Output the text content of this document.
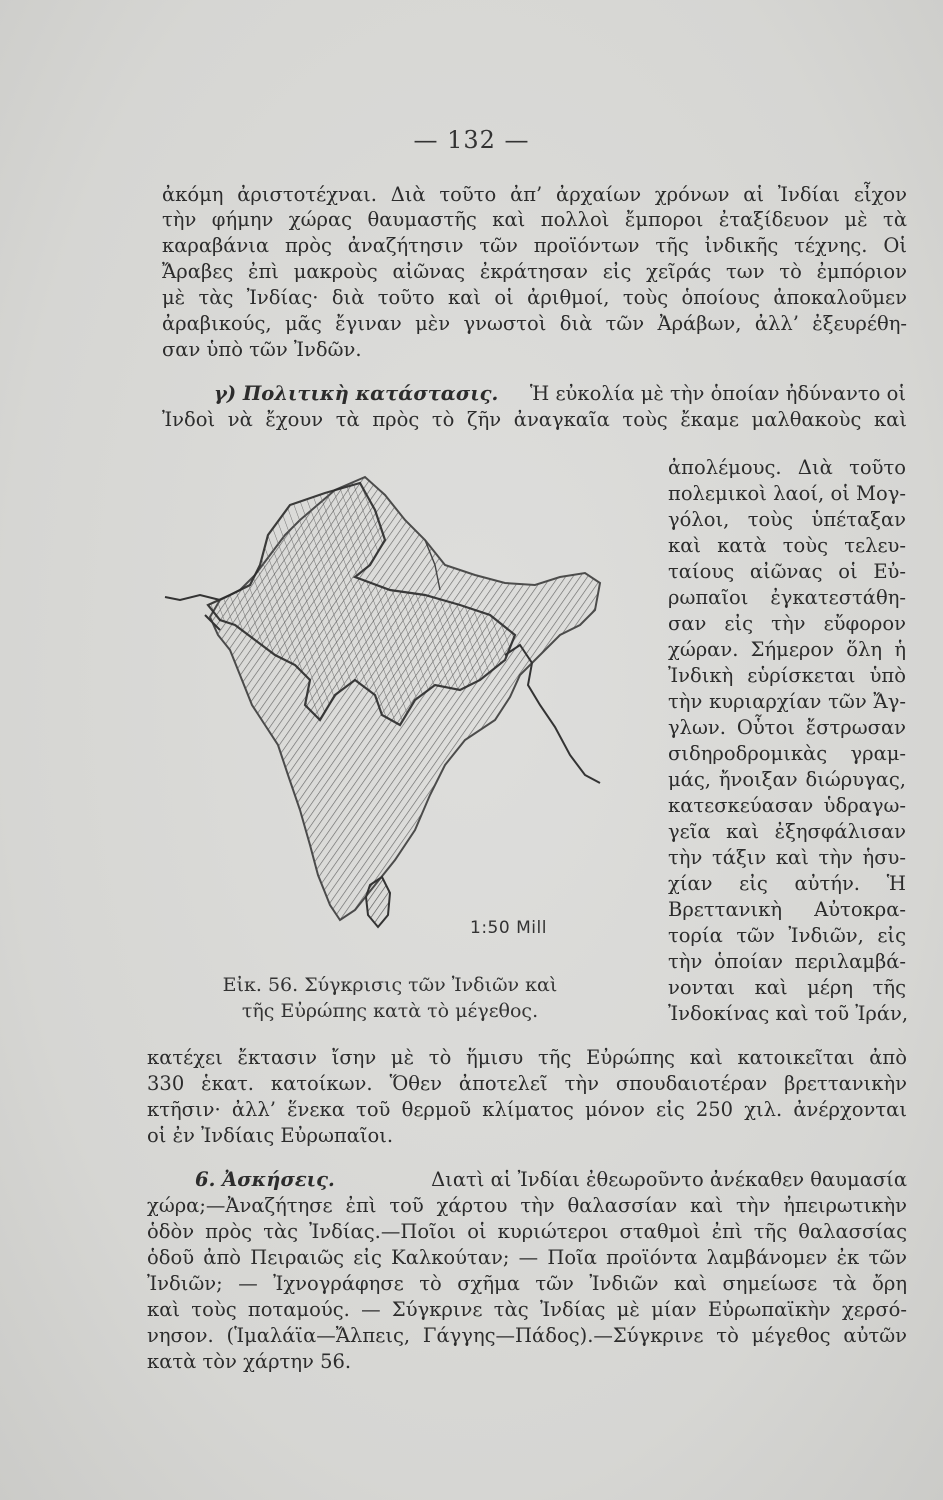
— 132 —
ἀκόμη ἀριστοτέχναι. Διὰ τοῦτο ἀπ’ ἀρχαίων χρόνων αἱ Ἰνδίαι εἶχον
τὴν φήμην χώρας θαυμαστῆς καὶ πολλοὶ ἔμποροι ἐταξίδευον μὲ τὰ
καραβάνια πρὸς ἀναζήτησιν τῶν προϊόντων τῆς ἰνδικῆς τέχνης. Οἱ
Ἄραβες ἐπὶ μακροὺς αἰῶνας ἐκράτησαν εἰς χεῖράς των τὸ ἐμπόριον
μὲ τὰς Ἰνδίας· διὰ τοῦτο καὶ οἱ ἀριθμοί, τοὺς ὁποίους ἀποκαλοῦμεν
ἀραβικούς, μᾶς ἔγιναν μὲν γνωστοὶ διὰ τῶν Ἀράβων, ἀλλ’ ἐξευρέθη-
σαν ὑπὸ τῶν Ἰνδῶν.
γ) Πολιτικὴ κατάστασις. Ἡ εὐκολία μὲ τὴν ὁποίαν ἠδύναντο οἱ
Ἰνδοὶ νὰ ἔχουν τὰ πρὸς τὸ ζῆν ἀναγκαῖα τοὺς ἔκαμε μαλθακοὺς καὶ
1:50 Mill
Εἰκ. 56. Σύγκρισις τῶν Ἰνδιῶν καὶ
τῆς Εὐρώπης κατὰ τὸ μέγεθος.
ἀπολέμους. Διὰ τοῦτο
πολεμικοὶ λαοί, οἱ Μογ-
γόλοι, τοὺς ὑπέταξαν
καὶ κατὰ τοὺς τελευ-
ταίους αἰῶνας οἱ Εὐ-
ρωπαῖοι ἐγκατεστάθη-
σαν εἰς τὴν εὔφορον
χώραν. Σήμερον ὅλη ἡ
Ἰνδικὴ εὑρίσκεται ὑπὸ
τὴν κυριαρχίαν τῶν Ἄγ-
γλων. Οὗτοι ἔστρωσαν
σιδηροδρομικὰς γραμ-
μάς, ἤνοιξαν διώρυγας,
κατεσκεύασαν ὑδραγω-
γεῖα καὶ ἐξησφάλισαν
τὴν τάξιν καὶ τὴν ἡσυ-
χίαν εἰς αὐτήν. Ἡ
Βρεττανικὴ Αὐτοκρα-
τορία τῶν Ἰνδιῶν, εἰς
τὴν ὁποίαν περιλαμβά-
νονται καὶ μέρη τῆς
Ἰνδοκίνας καὶ τοῦ Ἰράν,
κατέχει ἔκτασιν ἴσην μὲ τὸ ἥμισυ τῆς Εὐρώπης καὶ κατοικεῖται ἀπὸ
330 ἑκατ. κατοίκων. Ὅθεν ἀποτελεῖ τὴν σπουδαιοτέραν βρεττανικὴν
κτῆσιν· ἀλλ’ ἕνεκα τοῦ θερμοῦ κλίματος μόνον εἰς 250 χιλ. ἀνέρχονται
οἱ ἐν Ἰνδίαις Εὐρωπαῖοι.
6. Ἀσκήσεις.	Διατὶ αἱ Ἰνδίαι ἐθεωροῦντο ἀνέκαθεν θαυμασία
χώρα;—Ἀναζήτησε ἐπὶ τοῦ χάρτου τὴν θαλασσίαν καὶ τὴν ἠπειρωτικὴν
ὁδὸν πρὸς τὰς Ἰνδίας.—Ποῖοι οἱ κυριώτεροι σταθμοὶ ἐπὶ τῆς θαλασσίας
ὁδοῦ ἀπὸ Πειραιῶς εἰς Καλκούταν; — Ποῖα προϊόντα λαμβάνομεν ἐκ τῶν
Ἰνδιῶν; — Ἰχνογράφησε τὸ σχῆμα τῶν Ἰνδιῶν καὶ σημείωσε τὰ ὄρη
καὶ τοὺς ποταμούς. — Σύγκρινε τὰς Ἰνδίας μὲ μίαν Εὐρωπαϊκὴν χερσό-
νησον. (Ἱμαλάϊα—Ἄλπεις, Γάγγης—Πάδος).—Σύγκρινε τὸ μέγεθος αὐτῶν
κατὰ τὸν χάρτην 56.
